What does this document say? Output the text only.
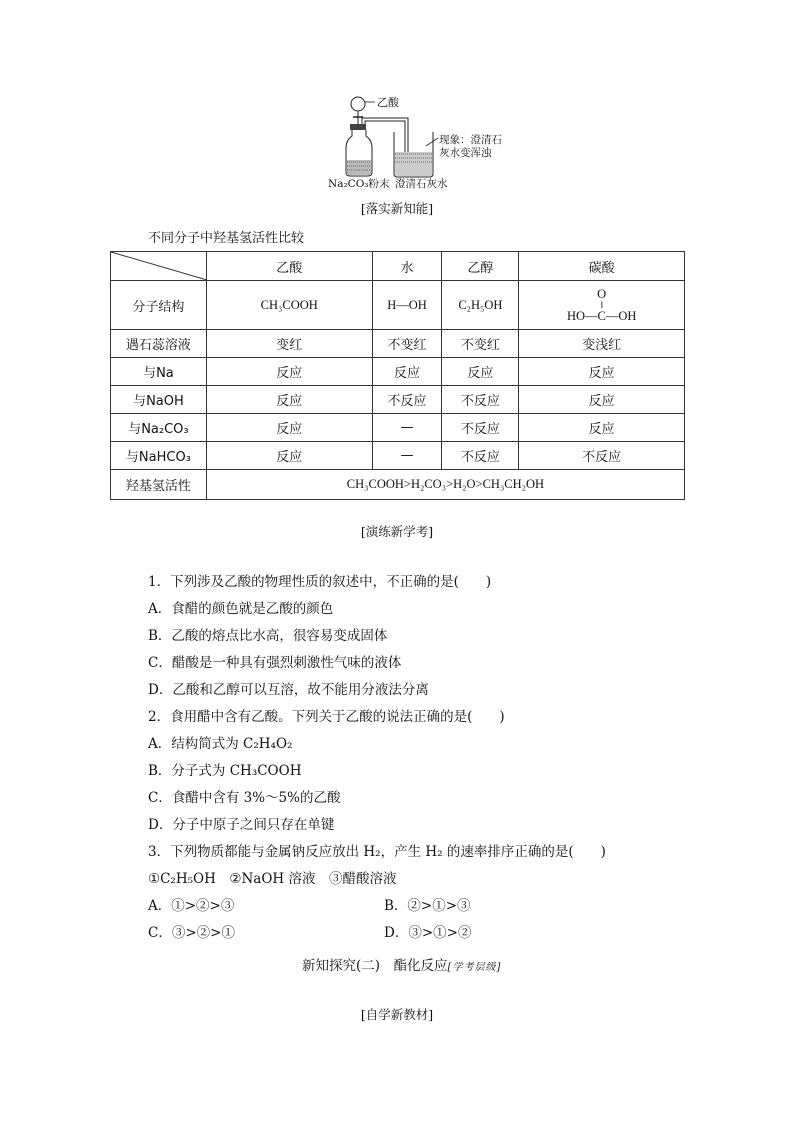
乙酸
现象：澄清石
灰水变浑浊
Na₂CO₃粉末 澄清石灰水
[落实新知能]
不同分子中羟基氢活性比较
	乙酸	水	乙醇	碳酸
分子结构	CH₃COOH	H—OH	C₂H₅OH	O
‖
HO—C—OH

遇石蕊溶液	变红	不变红	不变红	变浅红
与Na	反应	反应	反应	反应
与NaOH	反应	不反应	不反应	反应
与Na₂CO₃	反应	—	不反应	反应
与NaHCO₃	反应	—	不反应	不反应
羟基氢活性	CH₃COOH>H₂CO₃>H₂O>CH₃CH₂OH			
[演练新学考]
1．下列涉及乙酸的物理性质的叙述中，不正确的是(　　)
A．食醋的颜色就是乙酸的颜色
B．乙酸的熔点比水高，很容易变成固体
C．醋酸是一种具有强烈刺激性气味的液体
D．乙酸和乙醇可以互溶，故不能用分液法分离
2．食用醋中含有乙酸。下列关于乙酸的说法正确的是(　　)
A．结构简式为 C₂H₄O₂
B．分子式为 CH₃COOH
C．食醋中含有 3%～5%的乙酸
D．分子中原子之间只存在单键
3．下列物质都能与金属钠反应放出 H₂，产生 H₂ 的速率排序正确的是(　　)
①C₂H₅OH　②NaOH 溶液　③醋酸溶液
A．①>②>③	B．②>①>③
C．③>②>①	D．③>①>②
新知探究(二)　酯化反应[学考层级]
[自学新教材]
